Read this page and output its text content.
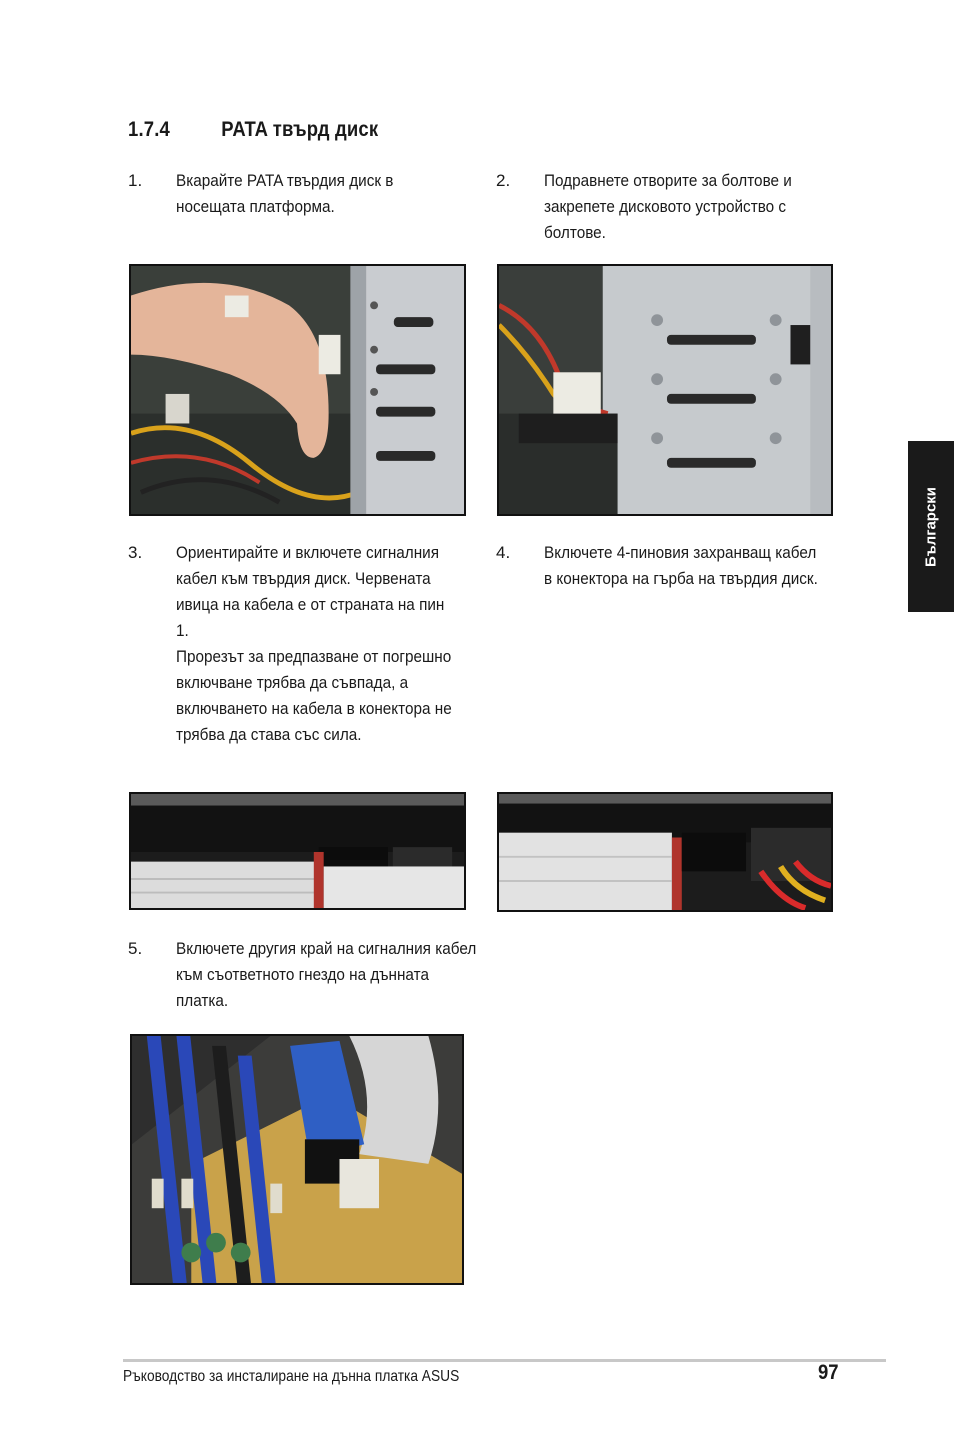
1.7.4 PATA твърд диск
1. Вкарайте PATA твърдия диск в
носещата платформа.
2. Подравнете отворите за болтове и
закрепете дисковото устройство с
болтове.
3. Ориентирайте и включете сигналния
кабел към твърдия диск. Червената
ивица на кабела е от страната на пин 1.
Прорезът за предпазване от погрешно
включване трябва да съвпада, а
включването на кабела в конектора не
трябва да става със сила.
4. Включете 4-пиновия захранващ кабел
в конектора на гърба на твърдия диск.
5. Включете другия край на сигналния кабел
към съответното гнездо на дънната
платка.
Български
Ръководство за инсталиране на дънна платка ASUS	97
